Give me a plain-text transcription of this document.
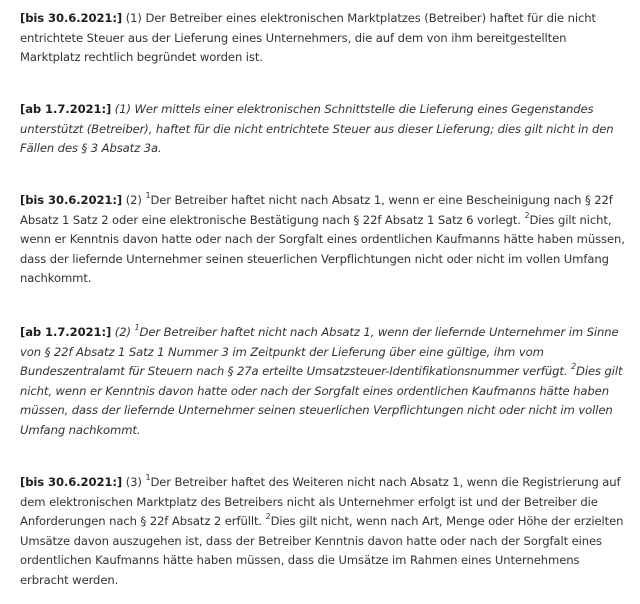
[bis 30.6.2021:] (1) Der Betreiber eines elektronischen Marktplatzes (Betreiber) haftet für die nicht entrichtete Steuer aus der Lieferung eines Unternehmers, die auf dem von ihm bereitgestellten Marktplatz rechtlich begründet worden ist.

[ab 1.7.2021:] (1) Wer mittels einer elektronischen Schnittstelle die Lieferung eines Gegenstandes unterstützt (Betreiber), haftet für die nicht entrichtete Steuer aus dieser Lieferung; dies gilt nicht in den Fällen des § 3 Absatz 3a.

[bis 30.6.2021:] (2) $^1$Der Betreiber haftet nicht nach Absatz 1, wenn er eine Bescheinigung nach § 22f Absatz 1 Satz 2 oder eine elektronische Bestätigung nach § 22f Absatz 1 Satz 6 vorlegt. $^2$Dies gilt nicht, wenn er Kenntnis davon hatte oder nach der Sorgfalt eines ordentlichen Kaufmanns hätte haben müssen, dass der liefernde Unternehmer seinen steuerlichen Verpflichtungen nicht oder nicht im vollen Umfang nachkommt.

[ab 1.7.2021:] (2) $^1$Der Betreiber haftet nicht nach Absatz 1, wenn der liefernde Unternehmer im Sinne von § 22f Absatz 1 Satz 1 Nummer 3 im Zeitpunkt der Lieferung über eine gültige, ihm vom Bundeszentralamt für Steuern nach § 27a erteilte Umsatzsteuer-Identifikationsnummer verfügt. $^2$Dies gilt nicht, wenn er Kenntnis davon hatte oder nach der Sorgfalt eines ordentlichen Kaufmanns hätte haben müssen, dass der liefernde Unternehmer seinen steuerlichen Verpflichtungen nicht oder nicht im vollen Umfang nachkommt.

[bis 30.6.2021:] (3) $^1$Der Betreiber haftet des Weiteren nicht nach Absatz 1, wenn die Registrierung auf dem elektronischen Marktplatz des Betreibers nicht als Unternehmer erfolgt ist und der Betreiber die Anforderungen nach § 22f Absatz 2 erfüllt. $^2$Dies gilt nicht, wenn nach Art, Menge oder Höhe der erzielten Umsätze davon auszugehen ist, dass der Betreiber Kenntnis davon hatte oder nach der Sorgfalt eines ordentlichen Kaufmanns hätte haben müssen, dass die Umsätze im Rahmen eines Unternehmens erbracht werden.
